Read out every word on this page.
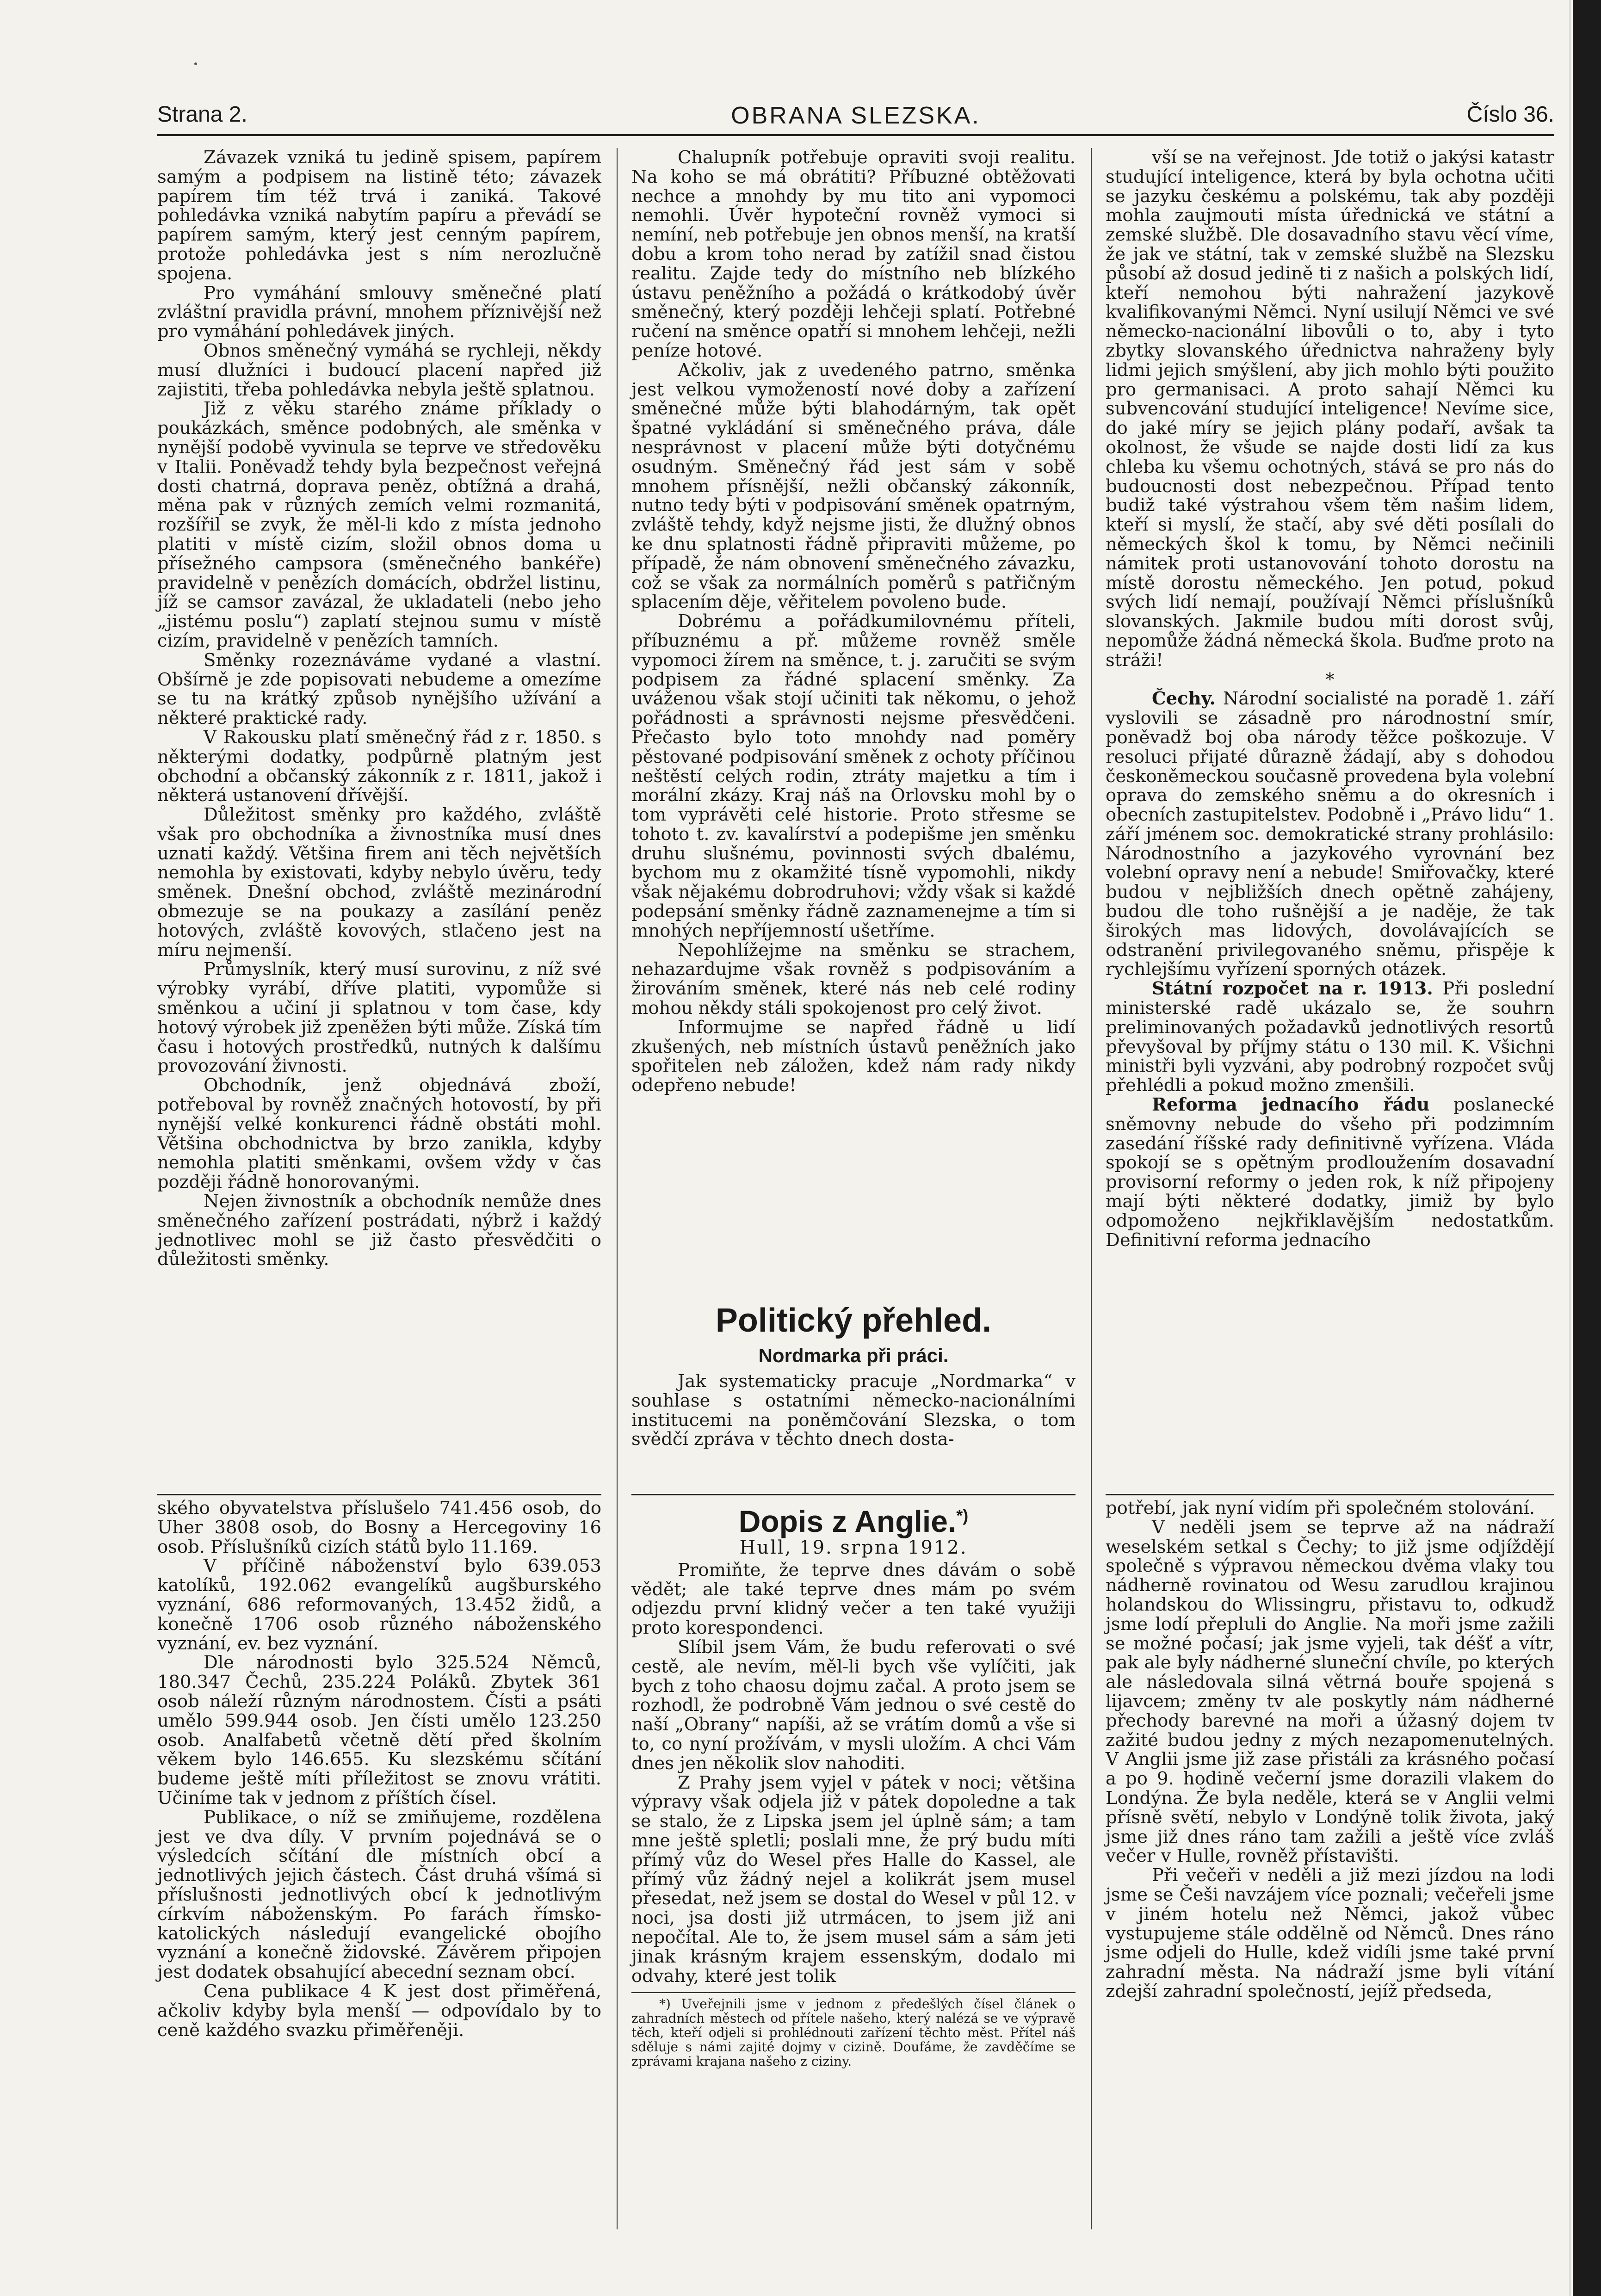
Strana 2.	OBRANA SLEZSKA.	Číslo 36.

Závazek vzniká tu jedině spisem, papírem samým a podpisem na listině této; závazek papírem tím též trvá i zaniká. Takové pohledávka vzniká nabytím papíru a převádí se papírem samým, který jest cenným papírem, protože pohledávka jest s ním nerozlučně spojena.

Pro vymáhání smlouvy směnečné platí zvláštní pravidla právní, mnohem příznivější než pro vymáhání pohledávek jiných.

Obnos směnečný vymáhá se rychleji, někdy musí dlužníci i budoucí placení napřed již zajistiti, třeba pohledávka nebyla ještě splatnou.

Již z věku starého známe příklady o poukázkách, směnce podobných, ale směnka v nynější podobě vyvinula se teprve ve středověku v Italii. Poněvadž tehdy byla bezpečnost veřejná dosti chatrná, doprava peněz, obtížná a drahá, měna pak v různých zemích velmi rozmanitá, rozšířil se zvyk, že měl-li kdo z místa jednoho platiti v místě cizím, složil obnos doma u přísežného campsora (směnečného bankéře) pravidelně v penězích domácích, obdržel listinu, jíž se camsor zavázal, že ukladateli (nebo jeho „jistému poslu“) zaplatí stejnou sumu v místě cizím, pravidelně v penězích tamních.

Směnky rozeznáváme vydané a vlastní. Obšírně je zde popisovati nebudeme a omezíme se tu na krátký způsob nynějšího užívání a některé praktické rady.

V Rakousku platí směnečný řád z r. 1850. s některými dodatky, podpůrně platným jest obchodní a občanský zákonník z r. 1811, jakož i některá ustanovení dřívější.

Důležitost směnky pro každého, zvláště však pro obchodníka a živnostníka musí dnes uznati každý. Většina firem ani těch největších nemohla by existovati, kdyby nebylo úvěru, tedy směnek. Dnešní obchod, zvláště mezinárodní obmezuje se na poukazy a zasílání peněz hotových, zvláště kovových, stlačeno jest na míru nejmenší.

Průmyslník, který musí surovinu, z níž své výrobky vyrábí, dříve platiti, vypomůže si směnkou a učiní ji splatnou v tom čase, kdy hotový výrobek již zpeněžen býti může. Získá tím času i hotových prostředků, nutných k dalšímu provozování živnosti.

Obchodník, jenž objednává zboží, potřeboval by rovněž značných hotovostí, by při nynější velké konkurenci řádně obstáti mohl. Většina obchodnictva by brzo zanikla, kdyby nemohla platiti směnkami, ovšem vždy v čas později řádně honorovanými.

Nejen živnostník a obchodník nemůže dnes směnečného zařízení postrádati, nýbrž i každý jednotlivec mohl se již často přesvědčiti o důležitosti směnky.

Chalupník potřebuje opraviti svoji realitu. Na koho se má obrátiti? Příbuzné obtěžovati nechce a mnohdy by mu tito ani vypomoci nemohli. Úvěr hypoteční rovněž vymoci si nemíní, neb potřebuje jen obnos menší, na kratší dobu a krom toho nerad by zatížil snad čistou realitu. Zajde tedy do místního neb blízkého ústavu peněžního a požádá o krátkodobý úvěr směnečný, který později lehčeji splatí. Potřebné ručení na směnce opatří si mnohem lehčeji, nežli peníze hotové.

Ačkoliv, jak z uvedeného patrno, směnka jest velkou vymožeností nové doby a zařízení směnečné může býti blahodárným, tak opět špatné vykládání si směnečného práva, dále nesprávnost v placení může býti dotyčnému osudným. Směnečný řád jest sám v sobě mnohem přísnější, nežli občanský zákonník, nutno tedy býti v podpisování směnek opatrným, zvláště tehdy, když nejsme jisti, že dlužný obnos ke dnu splatnosti řádně připraviti můžeme, po případě, že nám obnovení směnečného závazku, což se však za normálních poměrů s patřičným splacením děje, věřitelem povoleno bude.

Dobrému a pořádkumilovnému příteli, příbuznému a př. můžeme rovněž směle vypomoci žírem na směnce, t. j. zaručiti se svým podpisem za řádné splacení směnky. Za uváženou však stojí učiniti tak někomu, o jehož pořádnosti a správnosti nejsme přesvědčeni. Přečasto bylo toto mnohdy nad poměry pěstované podpisování směnek z ochoty příčinou neštěstí celých rodin, ztráty majetku a tím i morální zkázy. Kraj náš na Orlovsku mohl by o tom vyprávěti celé historie. Proto střesme se tohoto t. zv. kavalírství a podepišme jen směnku druhu slušnému, povinnosti svých dbalému, bychom mu z okamžité tísně vypomohli, nikdy však nějakému dobrodruhovi; vždy však si každé podepsání směnky řádně zaznamenejme a tím si mnohých nepříjemností ušetříme.

Nepohlížejme na směnku se strachem, nehazardujme však rovněž s podpisováním a žirováním směnek, které nás neb celé rodiny mohou někdy stáli spokojenost pro celý život.

Informujme se napřed řádně u lidí zkušených, neb místních ústavů peněžních jako spořitelen neb záložen, kdež nám rady nikdy odepřeno nebude!

Politický přehled.
Nordmarka při práci.

Jak systematicky pracuje „Nordmarka“ v souhlase s ostatními německo-nacionálními institucemi na poněmčování Slezska, o tom svědčí zpráva v těchto dnech dosta-

vší se na veřejnost. Jde totiž o jakýsi katastr studující inteligence, která by byla ochotna učiti se jazyku českému a polskému, tak aby později mohla zaujmouti místa úřednická ve státní a zemské službě. Dle dosavadního stavu věcí víme, že jak ve státní, tak v zemské službě na Slezsku působí až dosud jedině ti z našich a polských lidí, kteří nemohou býti nahražení jazykově kvalifikovanými Němci. Nyní usilují Němci ve své německo-nacionální libovůli o to, aby i tyto zbytky slovanského úřednictva nahraženy byly lidmi jejich smýšlení, aby jich mohlo býti použito pro germanisaci. A proto sahají Němci ku subvencování studující inteligence! Nevíme sice, do jaké míry se jejich plány podaří, avšak ta okolnost, že všude se najde dosti lidí za kus chleba ku všemu ochotných, stává se pro nás do budoucnosti dost nebezpečnou. Případ tento budiž také výstrahou všem těm našim lidem, kteří si myslí, že stačí, aby své děti posílali do německých škol k tomu, by Němci nečinili námitek proti ustanovování tohoto dorostu na místě dorostu německého. Jen potud, pokud svých lidí nemají, používají Němci příslušníků slovanských. Jakmile budou míti dorost svůj, nepomůže žádná německá škola. Buďme proto na stráži!

*

Čechy. Národní socialisté na poradě 1. září vyslovili se zásadně pro národnostní smír, poněvadž boj oba národy těžce poškozuje. V resoluci přijaté důrazně žádají, aby s dohodou českoněmeckou současně provedena byla volební oprava do zemského sněmu a do okresních i obecních zastupitelstev. Podobně i „Právo lidu“ 1. září jménem soc. demokratické strany prohlásilo: Národnostního a jazykového vyrovnání bez volební opravy není a nebude! Smiřovačky, které budou v nejbližších dnech opětně zahájeny, budou dle toho rušnější a je naděje, že tak širokých mas lidových, dovolávajících se odstranění privilegovaného sněmu, přispěje k rychlejšímu vyřízení sporných otázek.

Státní rozpočet na r. 1913. Při poslední ministerské radě ukázalo se, že souhrn preliminovaných požadavků jednotlivých resortů převyšoval by příjmy státu o 130 mil. K. Všichni ministři byli vyzváni, aby podrobný rozpočet svůj přehlédli a pokud možno zmenšili.

Reforma jednacího řádu poslanecké sněmovny nebude do všeho při podzimním zasedání říšské rady definitivně vyřízena. Vláda spokojí se s opětným prodloužením dosavadní provisorní reformy o jeden rok, k níž připojeny mají býti některé dodatky, jimiž by bylo odpomoženo nejkřiklavějším nedostatkům. Definitivní reforma jednacího

ského obyvatelstva příslušelo 741.456 osob, do Uher 3808 osob, do Bosny a Hercegoviny 16 osob. Příslušníků cizích států bylo 11.169.

V příčině náboženství bylo 639.053 katolíků, 192.062 evangelíků augšburského vyznání, 686 reformovaných, 13.452 židů, a konečně 1706 osob různého náboženského vyznání, ev. bez vyznání.

Dle národnosti bylo 325.524 Němců, 180.347 Čechů, 235.224 Poláků. Zbytek 361 osob náleží různým národnostem. Čísti a psáti umělo 599.944 osob. Jen čísti umělo 123.250 osob. Analfabetů včetně dětí před školním věkem bylo 146.655. Ku slezskému sčítání budeme ještě míti příležitost se znovu vrátiti. Učiníme tak v jednom z příštích čísel.

Publikace, o níž se zmiňujeme, rozdělena jest ve dva díly. V prvním pojednává se o výsledcích sčítání dle místních obcí a jednotlivých jejich částech. Část druhá všímá si příslušnosti jednotlivých obcí k jednotlivým církvím náboženským. Po farách římsko-katolických následují evangelické obojího vyznání a konečně židovské. Závěrem připojen jest dodatek obsahující abecední seznam obcí.

Cena publikace 4 K jest dost přiměřená, ačkoliv kdyby byla menší — odpovídalo by to ceně každého svazku přiměřeněji.

Dopis z Anglie.*)
Hull, 19. srpna 1912.

Promiňte, že teprve dnes dávám o sobě vědět; ale také teprve dnes mám po svém odjezdu první klidný večer a ten také využiji proto korespondenci.

Slíbil jsem Vám, že budu referovati o své cestě, ale nevím, měl-li bych vše vylíčiti, jak bych z toho chaosu dojmu začal. A proto jsem se rozhodl, že podrobně Vám jednou o své cestě do naší „Obrany“ napíši, až se vrátím domů a vše si to, co nyní prožívám, v mysli uložím. A chci Vám dnes jen několik slov nahoditi.

Z Prahy jsem vyjel v pátek v noci; většina výpravy však odjela již v pátek dopoledne a tak se stalo, že z Lipska jsem jel úplně sám; a tam mne ještě spletli; poslali mne, že prý budu míti přímý vůz do Wesel přes Halle do Kassel, ale přímý vůz žádný nejel a kolikrát jsem musel přesedat, než jsem se dostal do Wesel v půl 12. v noci, jsa dosti již utrmácen, to jsem již ani nepočítal. Ale to, že jsem musel sám a sám jeti jinak krásným krajem essenským, dodalo mi odvahy, které jest tolik

*) Uveřejnili jsme v jednom z předešlých čísel článek o zahradních městech od přítele našeho, který nalézá se ve výpravě těch, kteří odjeli si prohlédnouti zařízení těchto měst. Přítel náš sděluje s námi zajité dojmy v cizině. Doufáme, že zavděčíme se zprávami krajana našeho z ciziny.

potřebí, jak nyní vidím při společném stolování.

V neděli jsem se teprve až na nádraží weselském setkal s Čechy; to již jsme odjíždějí společně s výpravou německou dvěma vlaky tou nádherně rovinatou od Wesu zarudlou krajinou holandskou do Wlissingru, přistavu to, odkudž jsme lodí přepluli do Anglie. Na moři jsme zažili se možné počasí; jak jsme vyjeli, tak déšť a vítr, pak ale byly nádherné sluneční chvíle, po kterých ale následovala silná větrná bouře spojená s lijavcem; změny tv ale poskytly nám nádherné přechody barevné na moři a úžasný dojem tv zažité budou jedny z mých nezapomenutelných. V Anglii jsme již zase přistáli za krásného počasí a po 9. hodině večerní jsme dorazili vlakem do Londýna. Že byla neděle, která se v Anglii velmi přísně světí, nebylo v Londýně tolik života, jaký jsme již dnes ráno tam zažili a ještě více zvláš večer v Hulle, rovněž přístavišti.

Při večeři v neděli a již mezi jízdou na lodi jsme se Češi navzájem více poznali; večeřeli jsme v jiném hotelu než Němci, jakož vůbec vystupujeme stále oddělně od Němců. Dnes ráno jsme odjeli do Hulle, kdež vidíli jsme také první zahradní města. Na nádraží jsme byli vítání zdejší zahradní společností, jejíž předseda,
